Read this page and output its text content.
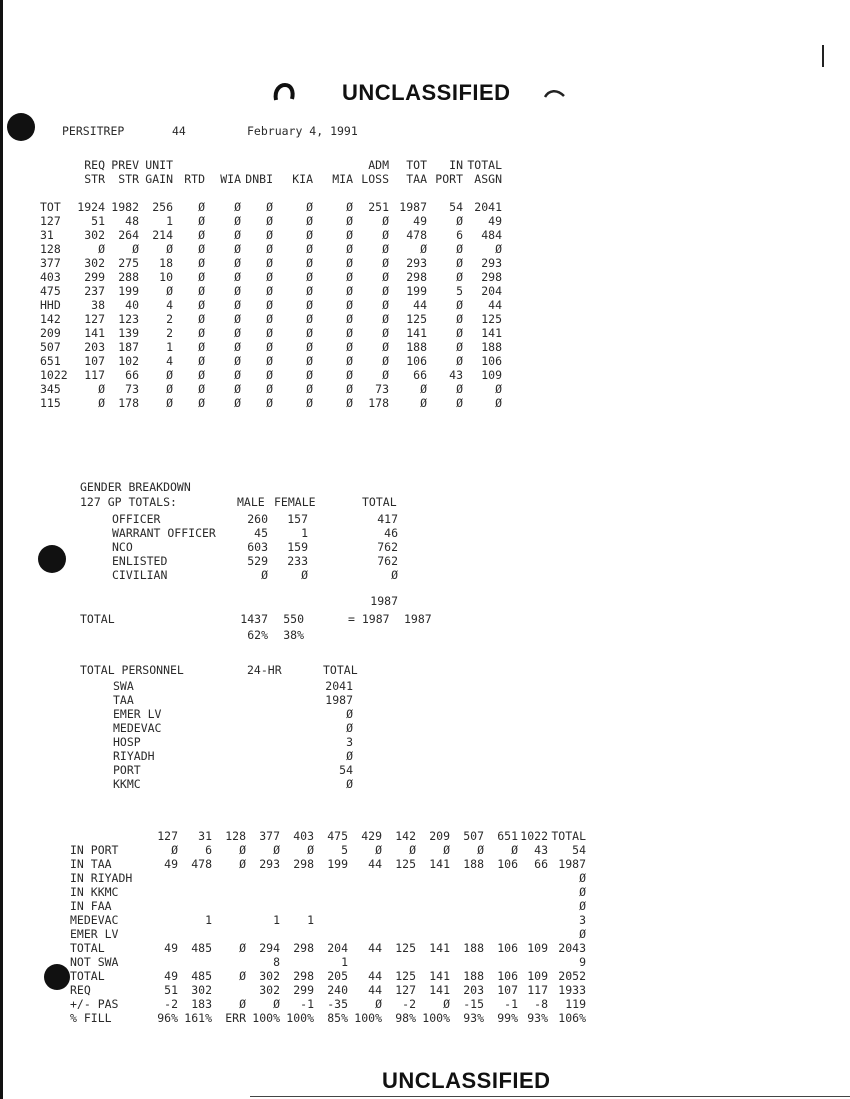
UNCLASSIFIED
PERSITREP	44	February 4, 1991
	REQ	PREV	UNIT						ADM	TOT	IN	TOTAL
	STR	STR	GAIN	RTD	WIA	DNBI	KIA	MIA	LOSS	TAA	PORT	ASGN

TOT	1924	1982	256	Ø	Ø	Ø	Ø	Ø	251	1987	54	2041
127	51	48	1	Ø	Ø	Ø	Ø	Ø	Ø	49	Ø	49
31	302	264	214	Ø	Ø	Ø	Ø	Ø	Ø	478	6	484
128	Ø	Ø	Ø	Ø	Ø	Ø	Ø	Ø	Ø	Ø	Ø	Ø
377	302	275	18	Ø	Ø	Ø	Ø	Ø	Ø	293	Ø	293
403	299	288	10	Ø	Ø	Ø	Ø	Ø	Ø	298	Ø	298
475	237	199	Ø	Ø	Ø	Ø	Ø	Ø	Ø	199	5	204
HHD	38	40	4	Ø	Ø	Ø	Ø	Ø	Ø	44	Ø	44
142	127	123	2	Ø	Ø	Ø	Ø	Ø	Ø	125	Ø	125
209	141	139	2	Ø	Ø	Ø	Ø	Ø	Ø	141	Ø	141
507	203	187	1	Ø	Ø	Ø	Ø	Ø	Ø	188	Ø	188
651	107	102	4	Ø	Ø	Ø	Ø	Ø	Ø	106	Ø	106
1022	117	66	Ø	Ø	Ø	Ø	Ø	Ø	Ø	66	43	109
345	Ø	73	Ø	Ø	Ø	Ø	Ø	Ø	73	Ø	Ø	Ø
115	Ø	178	Ø	Ø	Ø	Ø	Ø	Ø	178	Ø	Ø	Ø
GENDER BREAKDOWN
127 GP TOTALS:	MALE FEMALE	TOTAL
OFFICER	260	157	417
WARRANT OFFICER	45	1	46
NCO	603	159	762
ENLISTED	529	233	762
CIVILIAN	Ø	Ø	Ø
1987
TOTAL	1437	550	= 1987 1987
62%	38%
TOTAL PERSONNEL	24-HR	TOTAL
SWA	2041
TAA	1987
EMER LV	Ø
MEDEVAC	Ø
HOSP	3
RIYADH	Ø
PORT	54
KKMC	Ø
	127	31	128	377	403	475	429	142	209	507	651	1022	TOTAL
IN PORT	Ø	6	Ø	Ø	Ø	5	Ø	Ø	Ø	Ø	Ø	43	54
IN TAA	49	478	Ø	293	298	199	44	125	141	188	106	66	1987
IN RIYADH													Ø
IN KKMC													Ø
IN FAA													Ø
MEDEVAC		1		1	1								3
EMER LV													Ø
TOTAL	49	485	Ø	294	298	204	44	125	141	188	106	109	2043
NOT SWA				8		1							9
TOTAL	49	485	Ø	302	298	205	44	125	141	188	106	109	2052
REQ	51	302		302	299	240	44	127	141	203	107	117	1933
+/- PAS	-2	183	Ø	Ø	-1	-35	Ø	-2	Ø	-15	-1	-8	119
% FILL	96%	161%	ERR	100%	100%	85%	100%	98%	100%	93%	99%	93%	106%
UNCLASSIFIED
